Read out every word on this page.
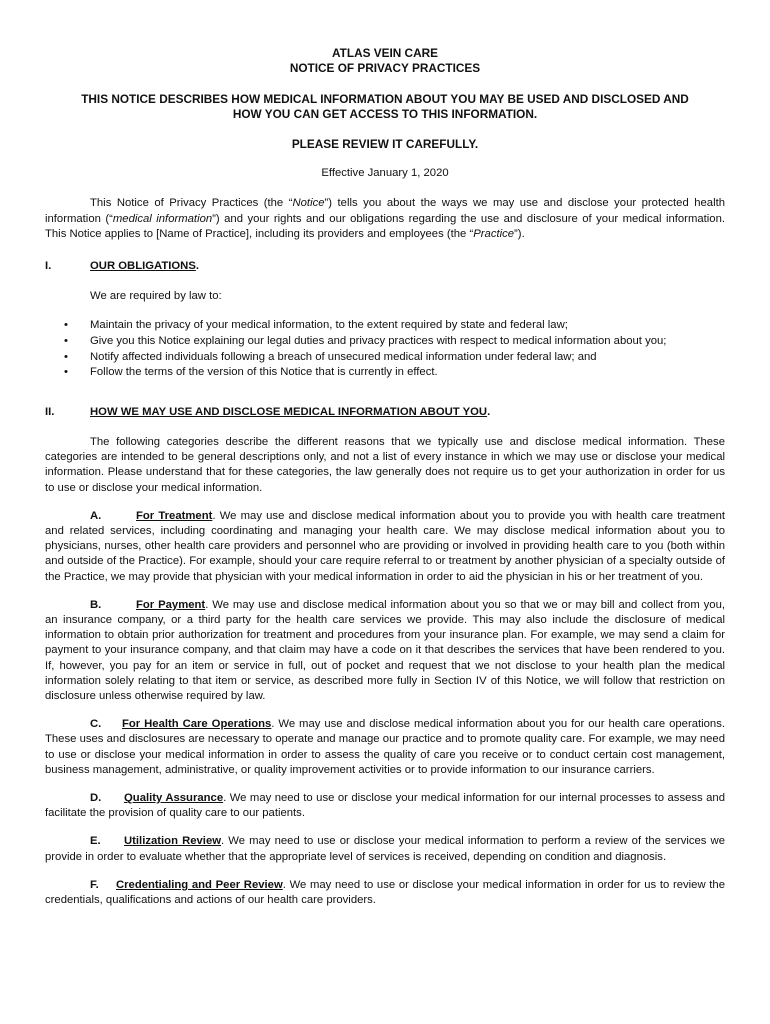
ATLAS VEIN CARE
NOTICE OF PRIVACY PRACTICES
THIS NOTICE DESCRIBES HOW MEDICAL INFORMATION ABOUT YOU MAY BE USED AND DISCLOSED AND
HOW YOU CAN GET ACCESS TO THIS INFORMATION.
PLEASE REVIEW IT CAREFULLY.
Effective January 1, 2020

This Notice of Privacy Practices (the “Notice”) tells you about the ways we may use and disclose your protected health information (“medical information”) and your rights and our obligations regarding the use and disclosure of your medical information. This Notice applies to [Name of Practice], including its providers and employees (the “Practice”).

I.	OUR OBLIGATIONS.

We are required by law to:

•	Maintain the privacy of your medical information, to the extent required by state and federal law;
•	Give you this Notice explaining our legal duties and privacy practices with respect to medical information about you;
•	Notify affected individuals following a breach of unsecured medical information under federal law; and
•	Follow the terms of the version of this Notice that is currently in effect.
II.	HOW WE MAY USE AND DISCLOSE MEDICAL INFORMATION ABOUT YOU.

The following categories describe the different reasons that we typically use and disclose medical information. These categories are intended to be general descriptions only, and not a list of every instance in which we may use or disclose your medical information. Please understand that for these categories, the law generally does not require us to get your authorization in order for us to use or disclose your medical information.

A.	For Treatment. We may use and disclose medical information about you to provide you with health care treatment and related services, including coordinating and managing your health care. We may disclose medical information about you to physicians, nurses, other health care providers and personnel who are providing or involved in providing health care to you (both within and outside of the Practice). For example, should your care require referral to or treatment by another physician of a specialty outside of the Practice, we may provide that physician with your medical information in order to aid the physician in his or her treatment of you.

B.	For Payment. We may use and disclose medical information about you so that we or may bill and collect from you, an insurance company, or a third party for the health care services we provide. This may also include the disclosure of medical information to obtain prior authorization for treatment and procedures from your insurance plan. For example, we may send a claim for payment to your insurance company, and that claim may have a code on it that describes the services that have been rendered to you. If, however, you pay for an item or service in full, out of pocket and request that we not disclose to your health plan the medical information solely relating to that item or service, as described more fully in Section IV of this Notice, we will follow that restriction on disclosure unless otherwise required by law.

C. For Health Care Operations. We may use and disclose medical information about you for our health care operations. These uses and disclosures are necessary to operate and manage our practice and to promote quality care. For example, we may need to use or disclose your medical information in order to assess the quality of care you receive or to conduct certain cost management, business management, administrative, or quality improvement activities or to provide information to our insurance carriers.

D. Quality Assurance. We may need to use or disclose your medical information for our internal processes to assess and facilitate the provision of quality care to our patients.

E. Utilization Review. We may need to use or disclose your medical information to perform a review of the services we provide in order to evaluate whether that the appropriate level of services is received, depending on condition and diagnosis.

F. Credentialing and Peer Review. We may need to use or disclose your medical information in order for us to review the credentials, qualifications and actions of our health care providers.
